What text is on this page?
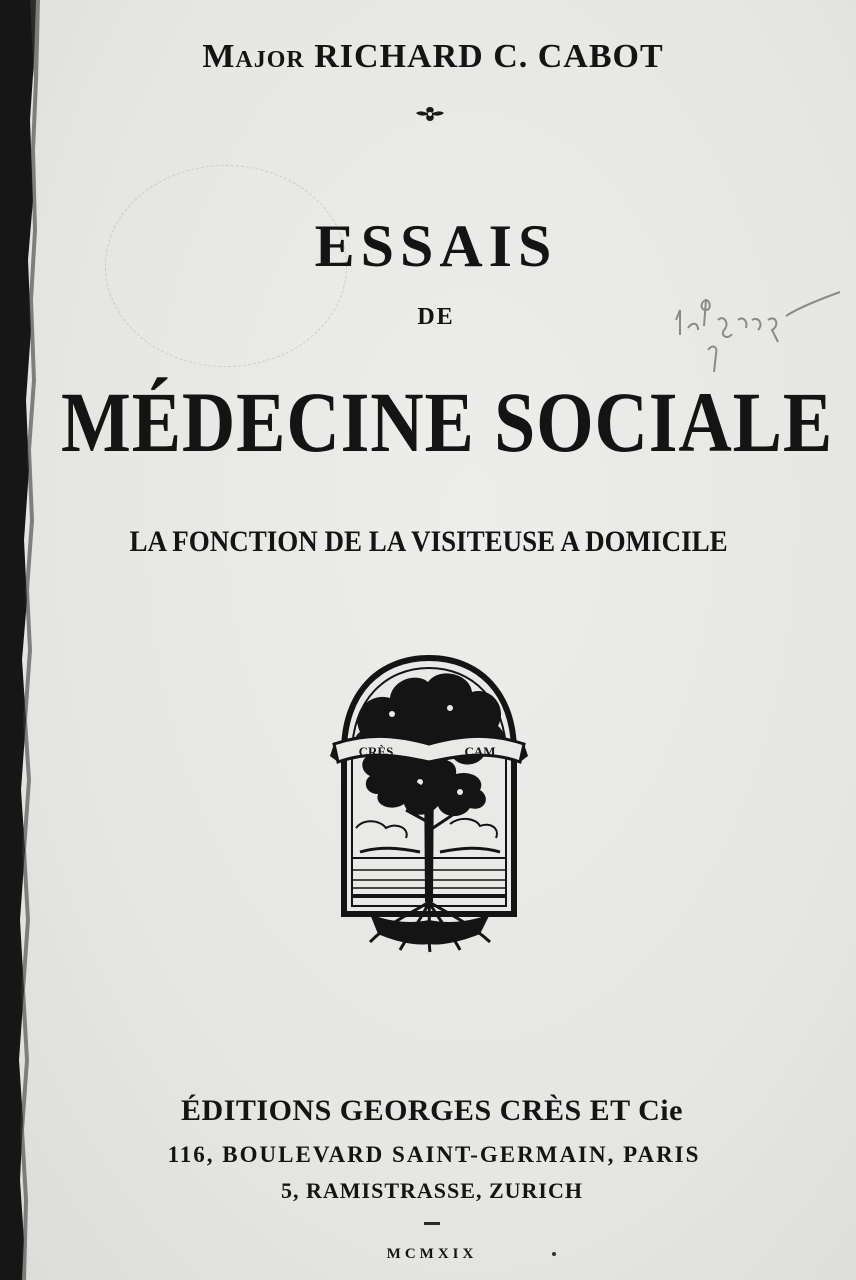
Major RICHARD C. CABOT

ESSAIS

DE

MÉDECINE SOCIALE

LA FONCTION DE LA VISITEUSE A DOMICILE

CRÈS	CAM

ÉDITIONS GEORGES CRÈS ET Cie

116, BOULEVARD SAINT-GERMAIN, PARIS

5, RAMISTRASSE, ZURICH

MCMXIX
